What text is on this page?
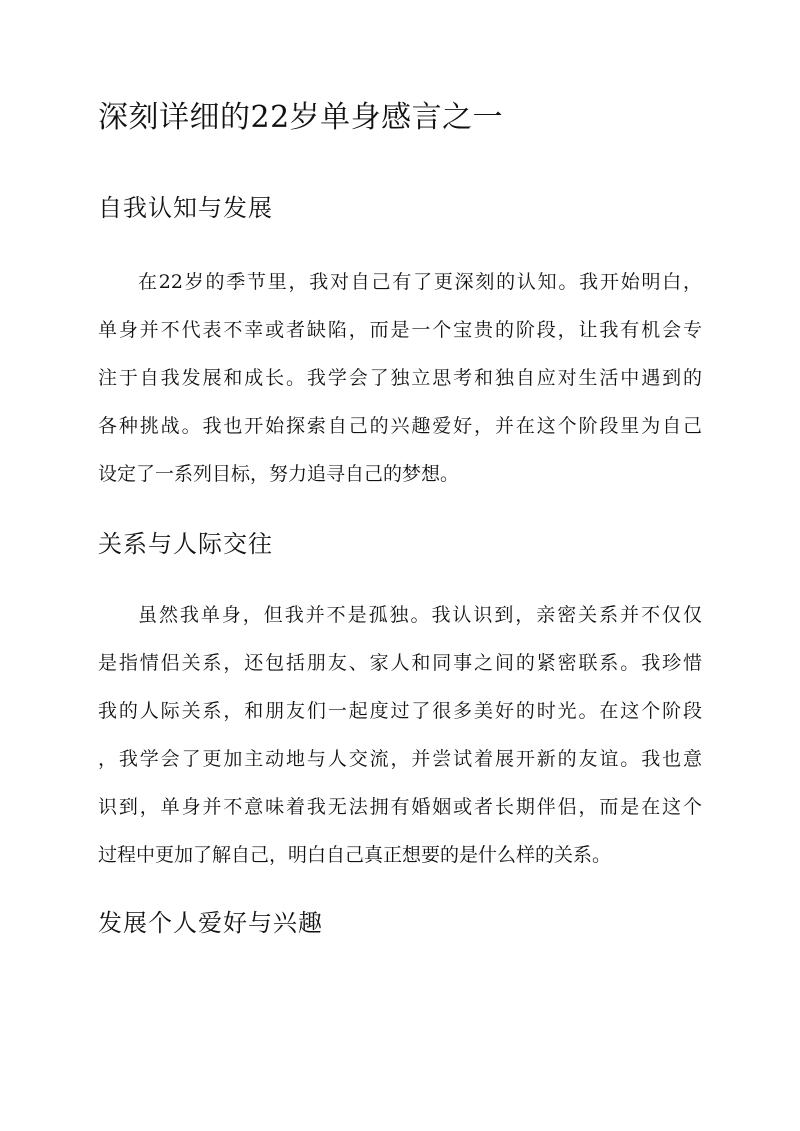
深刻详细的22岁单身感言之一
自我认知与发展
在22岁的季节里，我对自己有了更深刻的认知。我开始明白，
单身并不代表不幸或者缺陷，而是一个宝贵的阶段，让我有机会专
注于自我发展和成长。我学会了独立思考和独自应对生活中遇到的
各种挑战。我也开始探索自己的兴趣爱好，并在这个阶段里为自己
设定了一系列目标，努力追寻自己的梦想。
关系与人际交往
虽然我单身，但我并不是孤独。我认识到，亲密关系并不仅仅
是指情侣关系，还包括朋友、家人和同事之间的紧密联系。我珍惜
我的人际关系，和朋友们一起度过了很多美好的时光。在这个阶段
，我学会了更加主动地与人交流，并尝试着展开新的友谊。我也意
识到，单身并不意味着我无法拥有婚姻或者长期伴侣，而是在这个
过程中更加了解自己，明白自己真正想要的是什么样的关系。
发展个人爱好与兴趣
